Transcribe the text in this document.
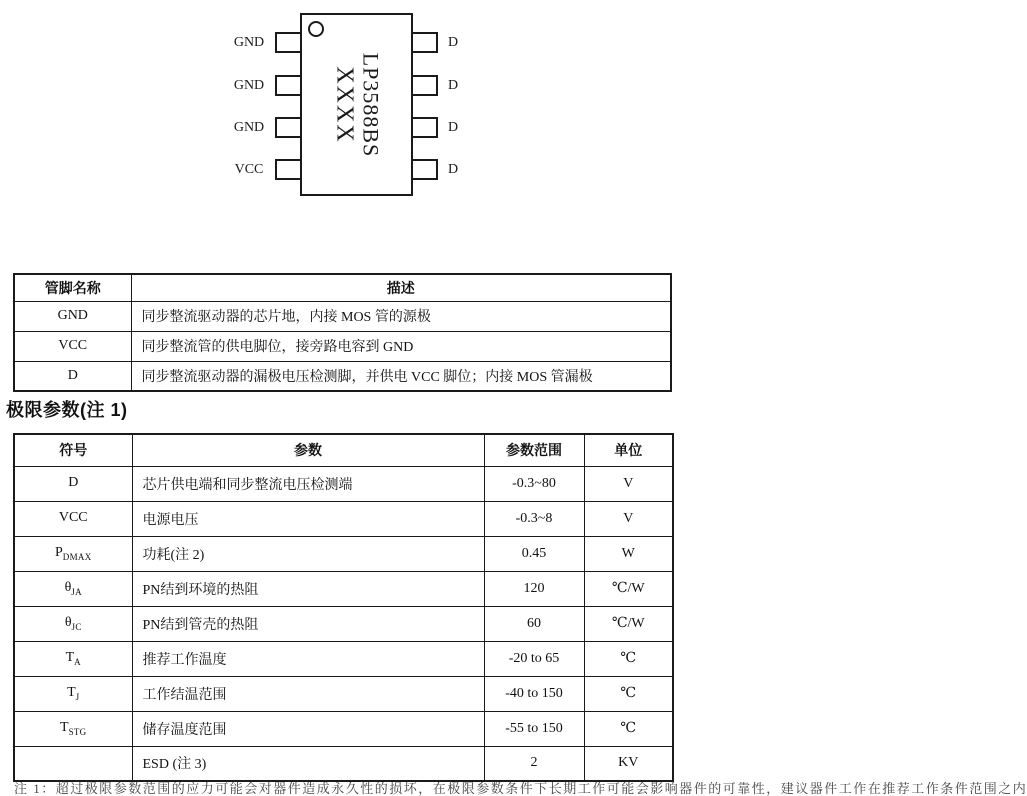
LP3588BS
XXXX
GND
GND
GND
VCC
D
D
D
D
管脚名称	描述
GND	同步整流驱动器的芯片地，内接 MOS 管的源极
VCC	同步整流管的供电脚位，接旁路电容到 GND
D	同步整流驱动器的漏极电压检测脚，并供电 VCC 脚位；内接 MOS 管漏极
极限参数(注 1)
符号	参数	参数范围	单位
D	芯片供电端和同步整流电压检测端	-0.3~80	V
VCC	电源电压	-0.3~8	V
$P_{DMAX}$	功耗(注 2)	0.45	W
$\theta_{JA}$	PN结到环境的热阻	120	℃/W
$\theta_{JC}$	PN结到管壳的热阻	60	℃/W
$T_A$	推荐工作温度	-20 to 65	℃
$T_J$	工作结温范围	-40 to 150	℃
$T_{STG}$	储存温度范围	-55 to 150	℃
	ESD (注 3)	2	KV
注 1：超过极限参数范围的应力可能会对器件造成永久性的损坏，在极限参数条件下长期工作可能会影响器件的可靠性，建议器件工作在推荐工作条件范围之内
